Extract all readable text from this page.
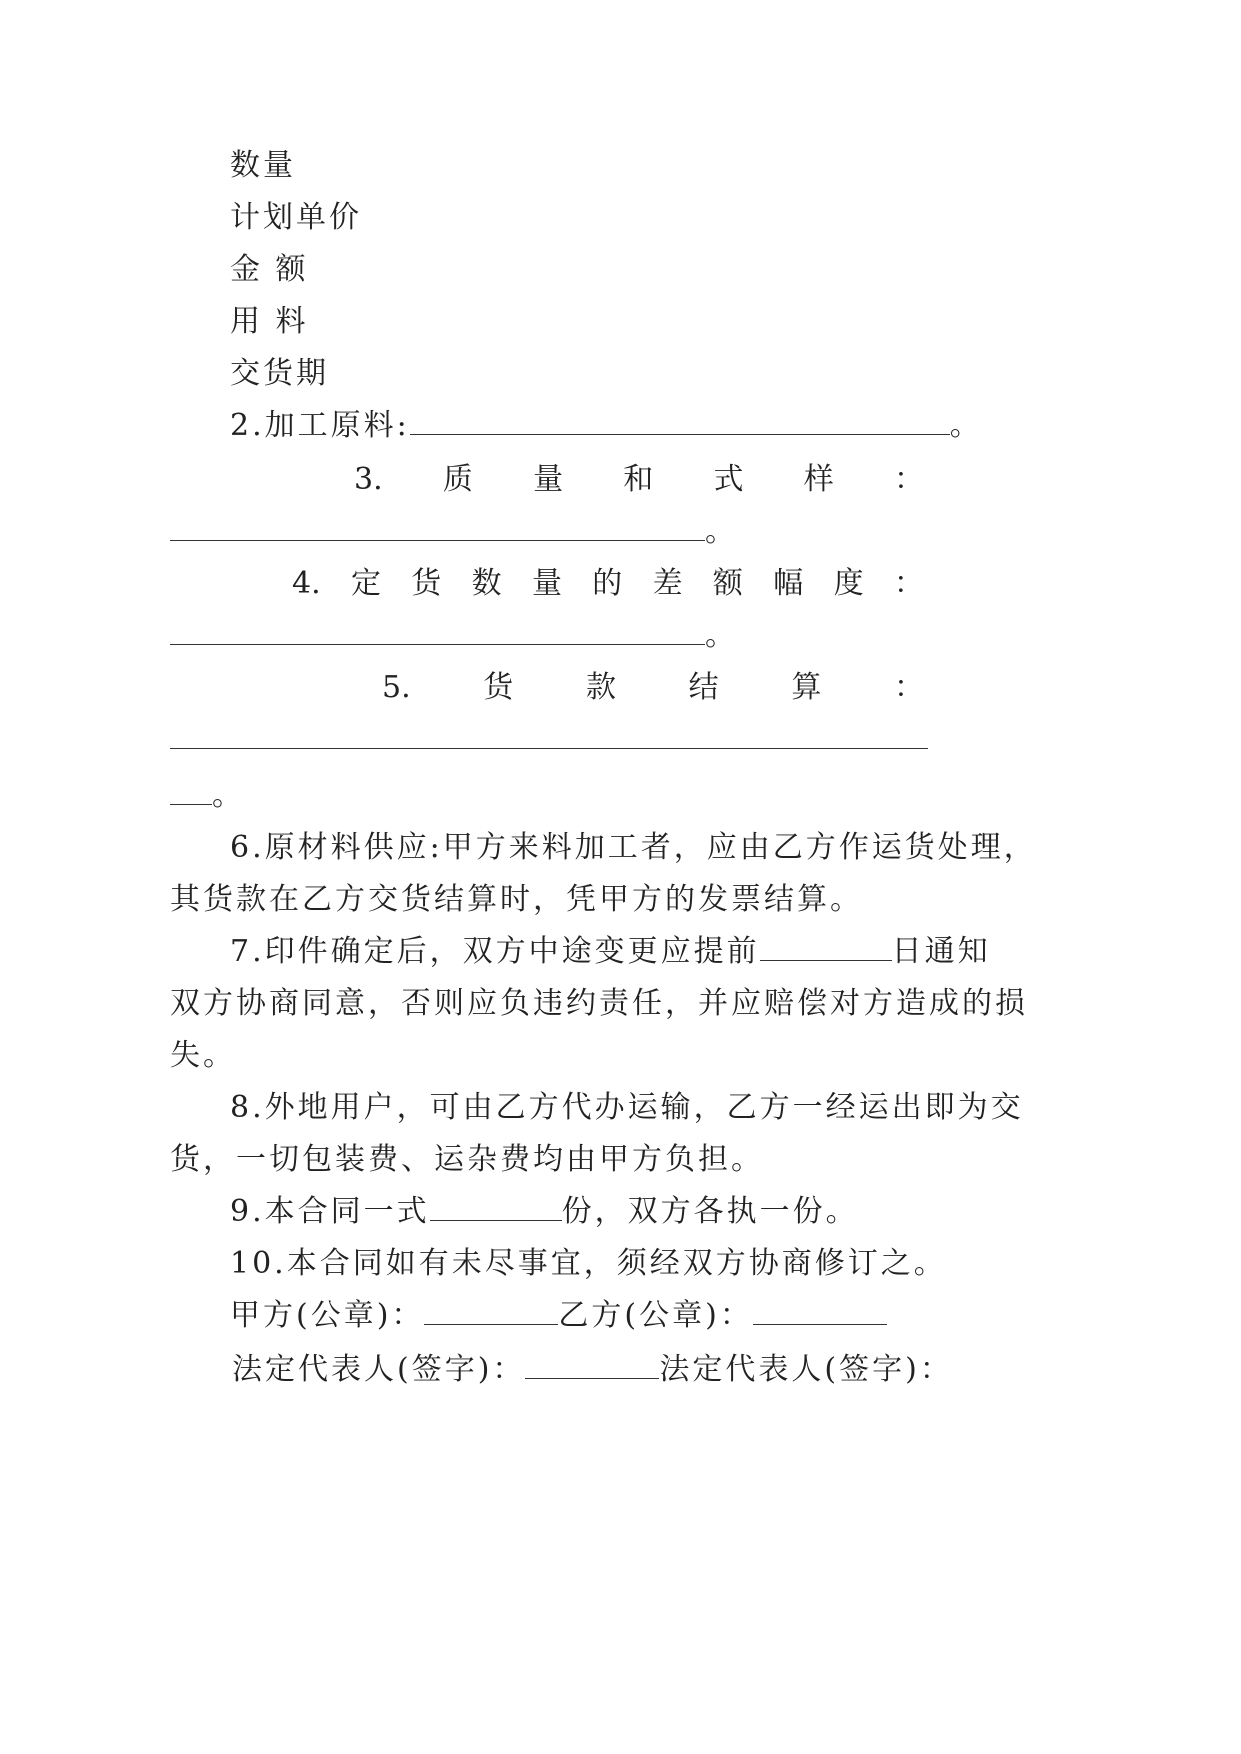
数量
计划单价
金 额
用 料
交货期
2.加工原料:	。
3. 质 量 和 式 样 ：
。
4. 定 货 数 量 的 差 额 幅 度 ：
。
5. 货 款 结 算 ：
。
6.原材料供应:甲方来料加工者，应由乙方作运货处理，
其货款在乙方交货结算时，凭甲方的发票结算。
7.印件确定后，双方中途变更应提前	日通知
双方协商同意，否则应负违约责任，并应赔偿对方造成的损
失。
8.外地用户，可由乙方代办运输，乙方一经运出即为交
货，一切包装费、运杂费均由甲方负担。
9.本合同一式	份，双方各执一份。
10.本合同如有未尽事宜，须经双方协商修订之。
甲方(公章)：	乙方(公章)：
法定代表人(签字)：	法定代表人(签字)：
